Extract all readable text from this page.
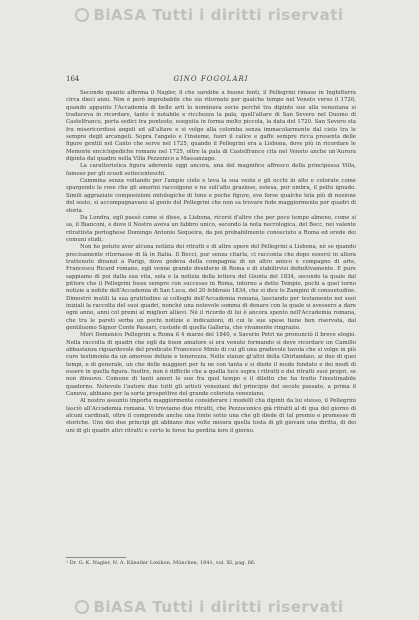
BiASA Tutti i diritti riservati
164	GINO FOGOLARI

Secondo quanto afferma il Nagler, il che sarebbe a buone fonti, il Pellegrini rimase in Inghilterra circa dieci anni. Non è però improbabile che sia ritornato per qualche tempo nel Veneto verso il 1720, quando appunto l'Accademia di belle arti lo nominava socio perché tra dipinte sue alla veneziana si traduceva in ricordare, tanto è notabile e ricchezza la pala, quell'altare di San Severo nel Duomo di Castelfranco, porta sedici tra ponteste, eseguita in forma molto piccola, la data del 1720. San Severo sta fra misericordiosi angeli ed all'altare e si volge alla colomba senza immacolarmente dal cielo tra le sempre degli arcangeli. Sopra l'angelo e l'insieme, fuori il calice e gaffe sempre ricca presenta delle figure gentili nel Canto che serve nel 1725, quando il Pellegrini era a Lisbona, dove più in ricordare le Memorie enciclopediche romane nel 1725, oltre la pala di Castelfranco cita nel Veneto anche un'Aurora dipinta dal quadro nella Villa Pezzonico a Massanzago.

La caratteristica figura aderente oggi ancora, una del magnifico affresco della principessa Villa, famoso per gli scuoli settecenteschi.

Cammina senza voltando per l'ampio cielo e leva la sua veste e gli occhi in alto e colorate come spargendo le rose che gli amorini raccolgono e ne sull'alto graziose, estesa, pur ombra, il petto ignudo. Simili aggraziate composizioni mitologiche di tono e poche figure, eve forse qualche tela più di nozione del sesto, si accompagnavano al genio del Pellegrini che non sa trovare fede maggiormente per quadri di storia.

Da Londra, egli passò come si disse, a Lisbona, ricorsi d'altro che per poco tempo almeno, come si sa, il Bianconi, e dove il Nostro aveva un fabbro unico, secondo la nota necrologica, del Becc, nei valente ritrattista portoghese Domingo Antonio Sequeira, da poi probabilmente conosciuto a Roma ed erede dei comuni studi.

Non ho potuto aver alcuna notizia dei ritratti e di altre opere del Pellegrini a Lisbona, né se quando precisamente ritornasse di là in Italia. Il Becci, pur senza citarla, ci racconta che dopo essersi in allora trattenuto dinanzi a Parigi, dove godeva della compagnia di un altro amico e compagno di arte, Francesco Ricard romano, egli venne grande desiderio di Roma e di stabilirvisi definitivamente. E pure sappiamo di poi dalla sua vita, sola e la notizia della lettera del Giunta del 1834, secondo la quale dal pittore che il Pellegrini fosse sempre con successo in Roma, intorno a detto Tempio, pochi a quel torno notizie a nobile dell'Accademia di San Luca, del 20 febbraio 1834, che si dice lo Zampini di consuetudine. Dimostrò inutili la sua gratitudine ai colleghi dell'Accademia romana, lasciando per testamento nei suoi iniziali la raccolta del suoi quadri, nonché una notevole somma di denaro con la quale si avessero a dare ogni anno, anni col premi ai migliori allievi. Né il ricordo di lui è ancora spento nell'Accademia romana, che tra le pareti serba un pochi notizie e indicazioni, di cui le sue spese tiene ben riservata, dal gentiluomo Signor Conte Passari, custode di quella Galleria, che vivamente ringrazio.

Morì Domenico Pellegrini a Roma il 4 marzo del 1840, e Saverio Petri ne pronunciò il breve elogio. Nella raccolta di quadri che egli da buon amatore si era venuto formando si deve ricordare un Camillo abbastanza riguardevole del predicato Francesco Minio di cui gli una gradevole tavola che si volge in più cure testimonia da un amorose delizie e tenerezza. Nelle stanze gl'altri della Ghirlandaio, ai due di quei tempi, e di generale, un che delle maggiori per fa ne con tanta e si diede il modo fondato e dei modi di essere in quella figura. Inoltre, non è difficile che a quella luce sopra i ritratti e dei ritratti suoi propri, se non dinuovo. Comune di tanti amori le sue fra quel tempo e il diletto che ha tratto l'inestimabile quaderno. Notevole l'autore due tutti gli artisti veneziani del principio del secolo passato, a prima il Canova, abbiano per la sorte prospettive del grande colorista veneziano.

Al nostro assunto importa maggiormente considerare i modelli cha dipinti da lui stesso, il Pellegrini lasciò all'Accademia romana. Vi troviamo due ritratti, che Pezzoconico già ritratti al di qua del giorno di alcuni cardinali, oltre il comprende anche una fonte sotto una che gli diede di tal premio e promesse di storiche. Uno dei due principi gli abbiano due volte misura quella tosta di gli giovani una diritta, di dei uni di gli quadri altri ritratti e certo le forse ha perdita loro il giorno.

¹ Dr. G. K. Nagler, N. A. Künstler Lexikon, München, 1841, vol. XI, pag. 66.
BiASA Tutti i diritti riservati
